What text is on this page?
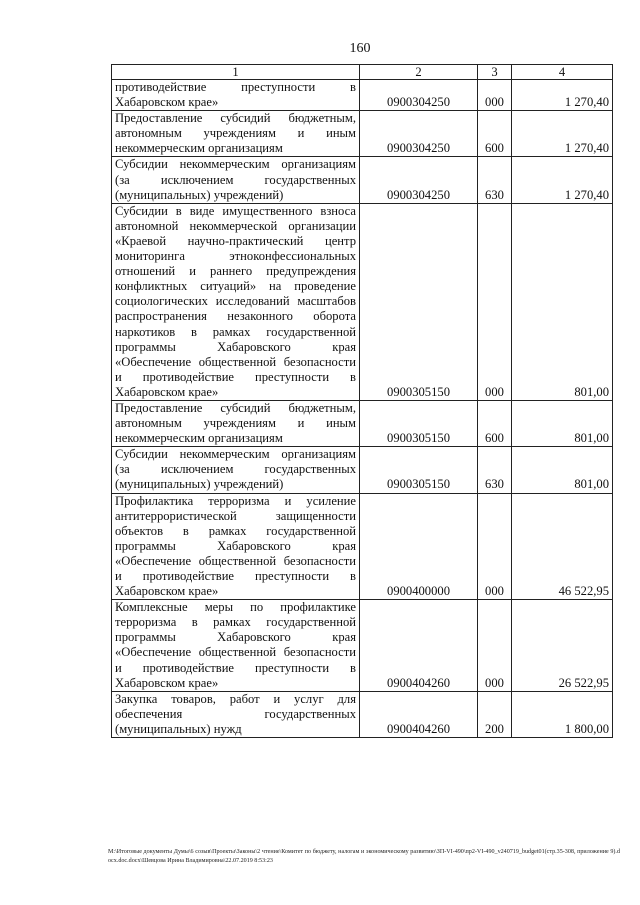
160
1	2	3	4
противодействие преступности в Хабаровском крае»	0900304250	000	1 270,40
Предоставление субсидий бюджетным, автономным учреждениям и иным некоммерческим организациям	0900304250	600	1 270,40
Субсидии некоммерческим организациям (за исключением государственных (муниципальных) учреждений)	0900304250	630	1 270,40
Субсидии в виде имущественного взноса автономной некоммерческой организации «Краевой научно-практический центр мониторинга этноконфессиональных отношений и раннего предупреждения конфликтных ситуаций» на проведение социологических исследований масштабов распространения незаконного оборота наркотиков в рамках государственной программы Хабаровского края «Обеспечение общественной безопасности и противодействие преступности в Хабаровском крае»	0900305150	000	801,00
Предоставление субсидий бюджетным, автономным учреждениям и иным некоммерческим организациям	0900305150	600	801,00
Субсидии некоммерческим организациям (за исключением государственных (муниципальных) учреждений)	0900305150	630	801,00
Профилактика терроризма и усиление антитеррористической защищенности объектов в рамках государственной программы Хабаровского края «Обеспечение общественной безопасности и противодействие преступности в Хабаровском крае»	0900400000	000	46 522,95
Комплексные меры по профилактике терроризма в рамках государственной программы Хабаровского края «Обеспечение общественной безопасности и противодействие преступности в Хабаровском крае»	0900404260	000	26 522,95
Закупка товаров, работ и услуг для обеспечения государственных (муниципальных) нужд	0900404260	200	1 800,00
M:\Итоговые документы Думы\6 созыв\Проекты\Законы\2 чтение\Комитет по бюджету, налогам и экономическому развитию\ЗП-VI-490\пр2-VI-490_v240719_budget01(стр.35-308, приложение 9).docx.doc.docx\Шевцова Ирина Владимировна\22.07.2019 8:53:23
